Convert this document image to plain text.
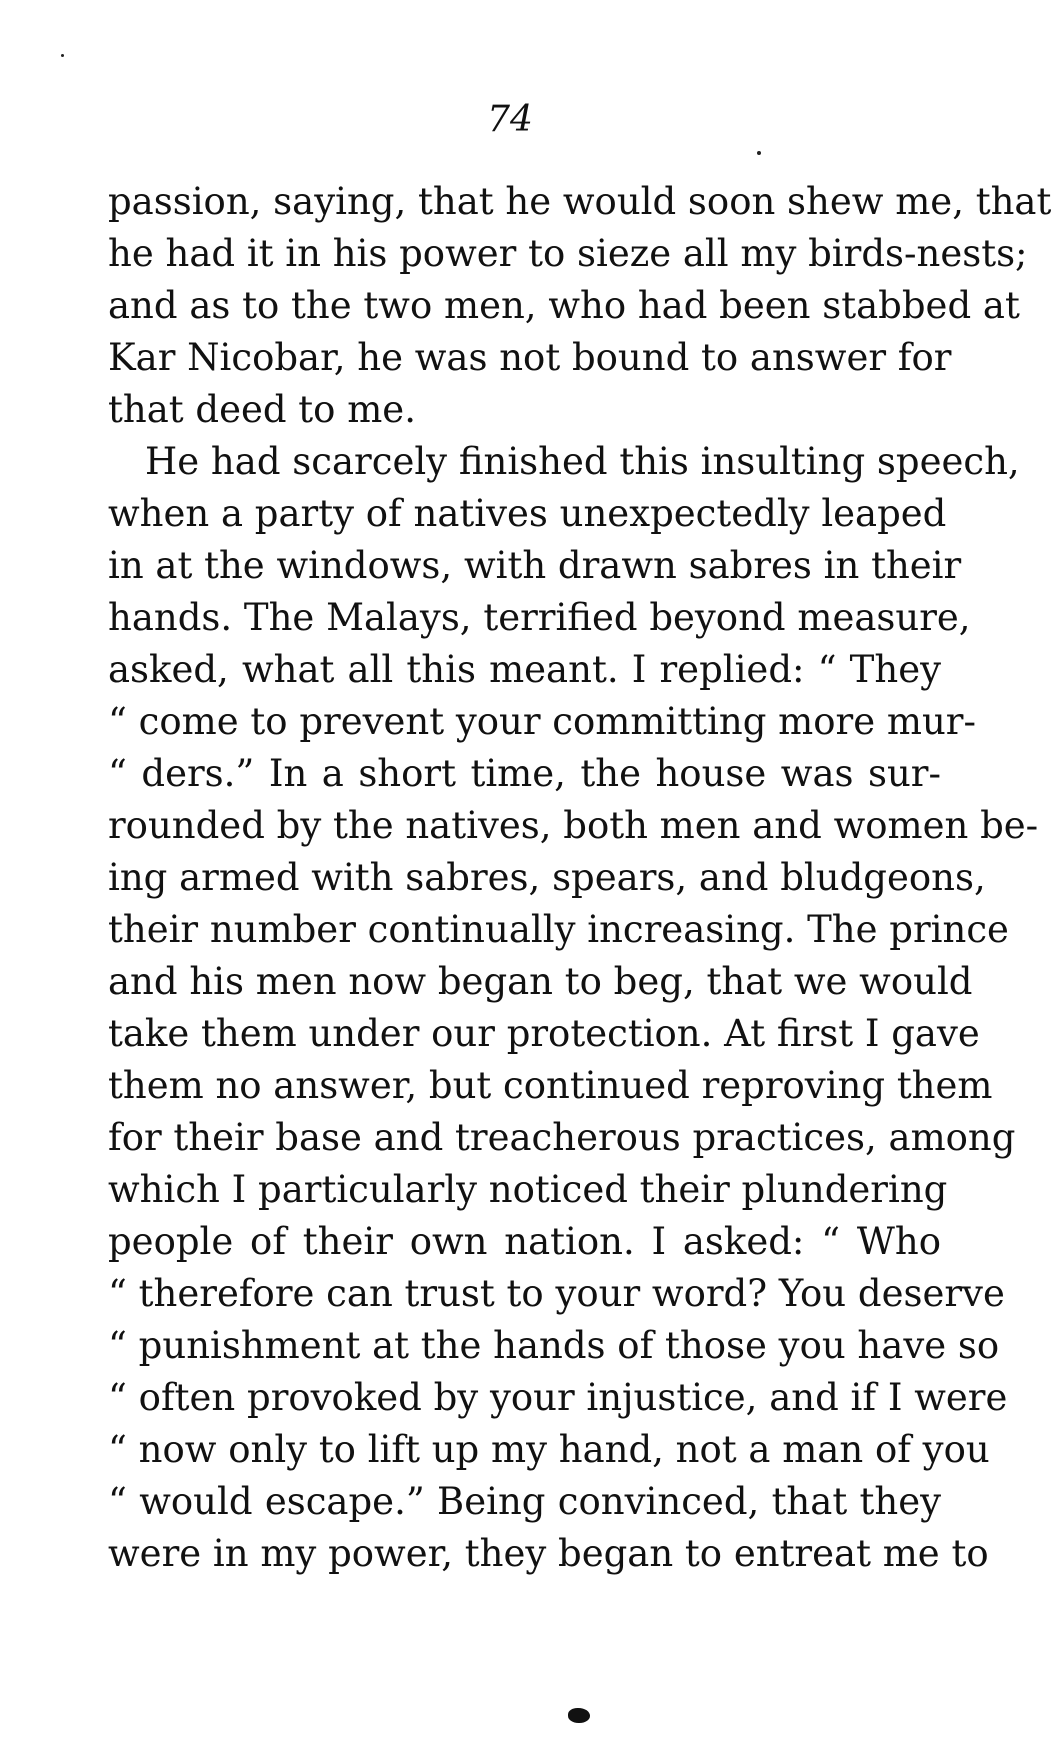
74
passion, saying, that he would soon shew me, that
he had it in his power to sieze all my birds-nests;
and as to the two men, who had been stabbed at
Kar Nicobar, he was not bound to answer for
that deed to me.
He had scarcely finished this insulting speech,
when a party of natives unexpectedly leaped
in at the windows, with drawn sabres in their
hands. The Malays, terrified beyond measure,
asked, what all this meant. I replied: “ They
“ come to prevent your committing more mur-
“ ders.” In a short time, the house was sur-
rounded by the natives, both men and women be-
ing armed with sabres, spears, and bludgeons,
their number continually increasing. The prince
and his men now began to beg, that we would
take them under our protection. At first I gave
them no answer, but continued reproving them
for their base and treacherous practices, among
which I particularly noticed their plundering
people of their own nation. I asked: “ Who
“ therefore can trust to your word? You deserve
“ punishment at the hands of those you have so
“ often provoked by your injustice, and if I were
“ now only to lift up my hand, not a man of you
“ would escape.” Being convinced, that they
were in my power, they began to entreat me to
